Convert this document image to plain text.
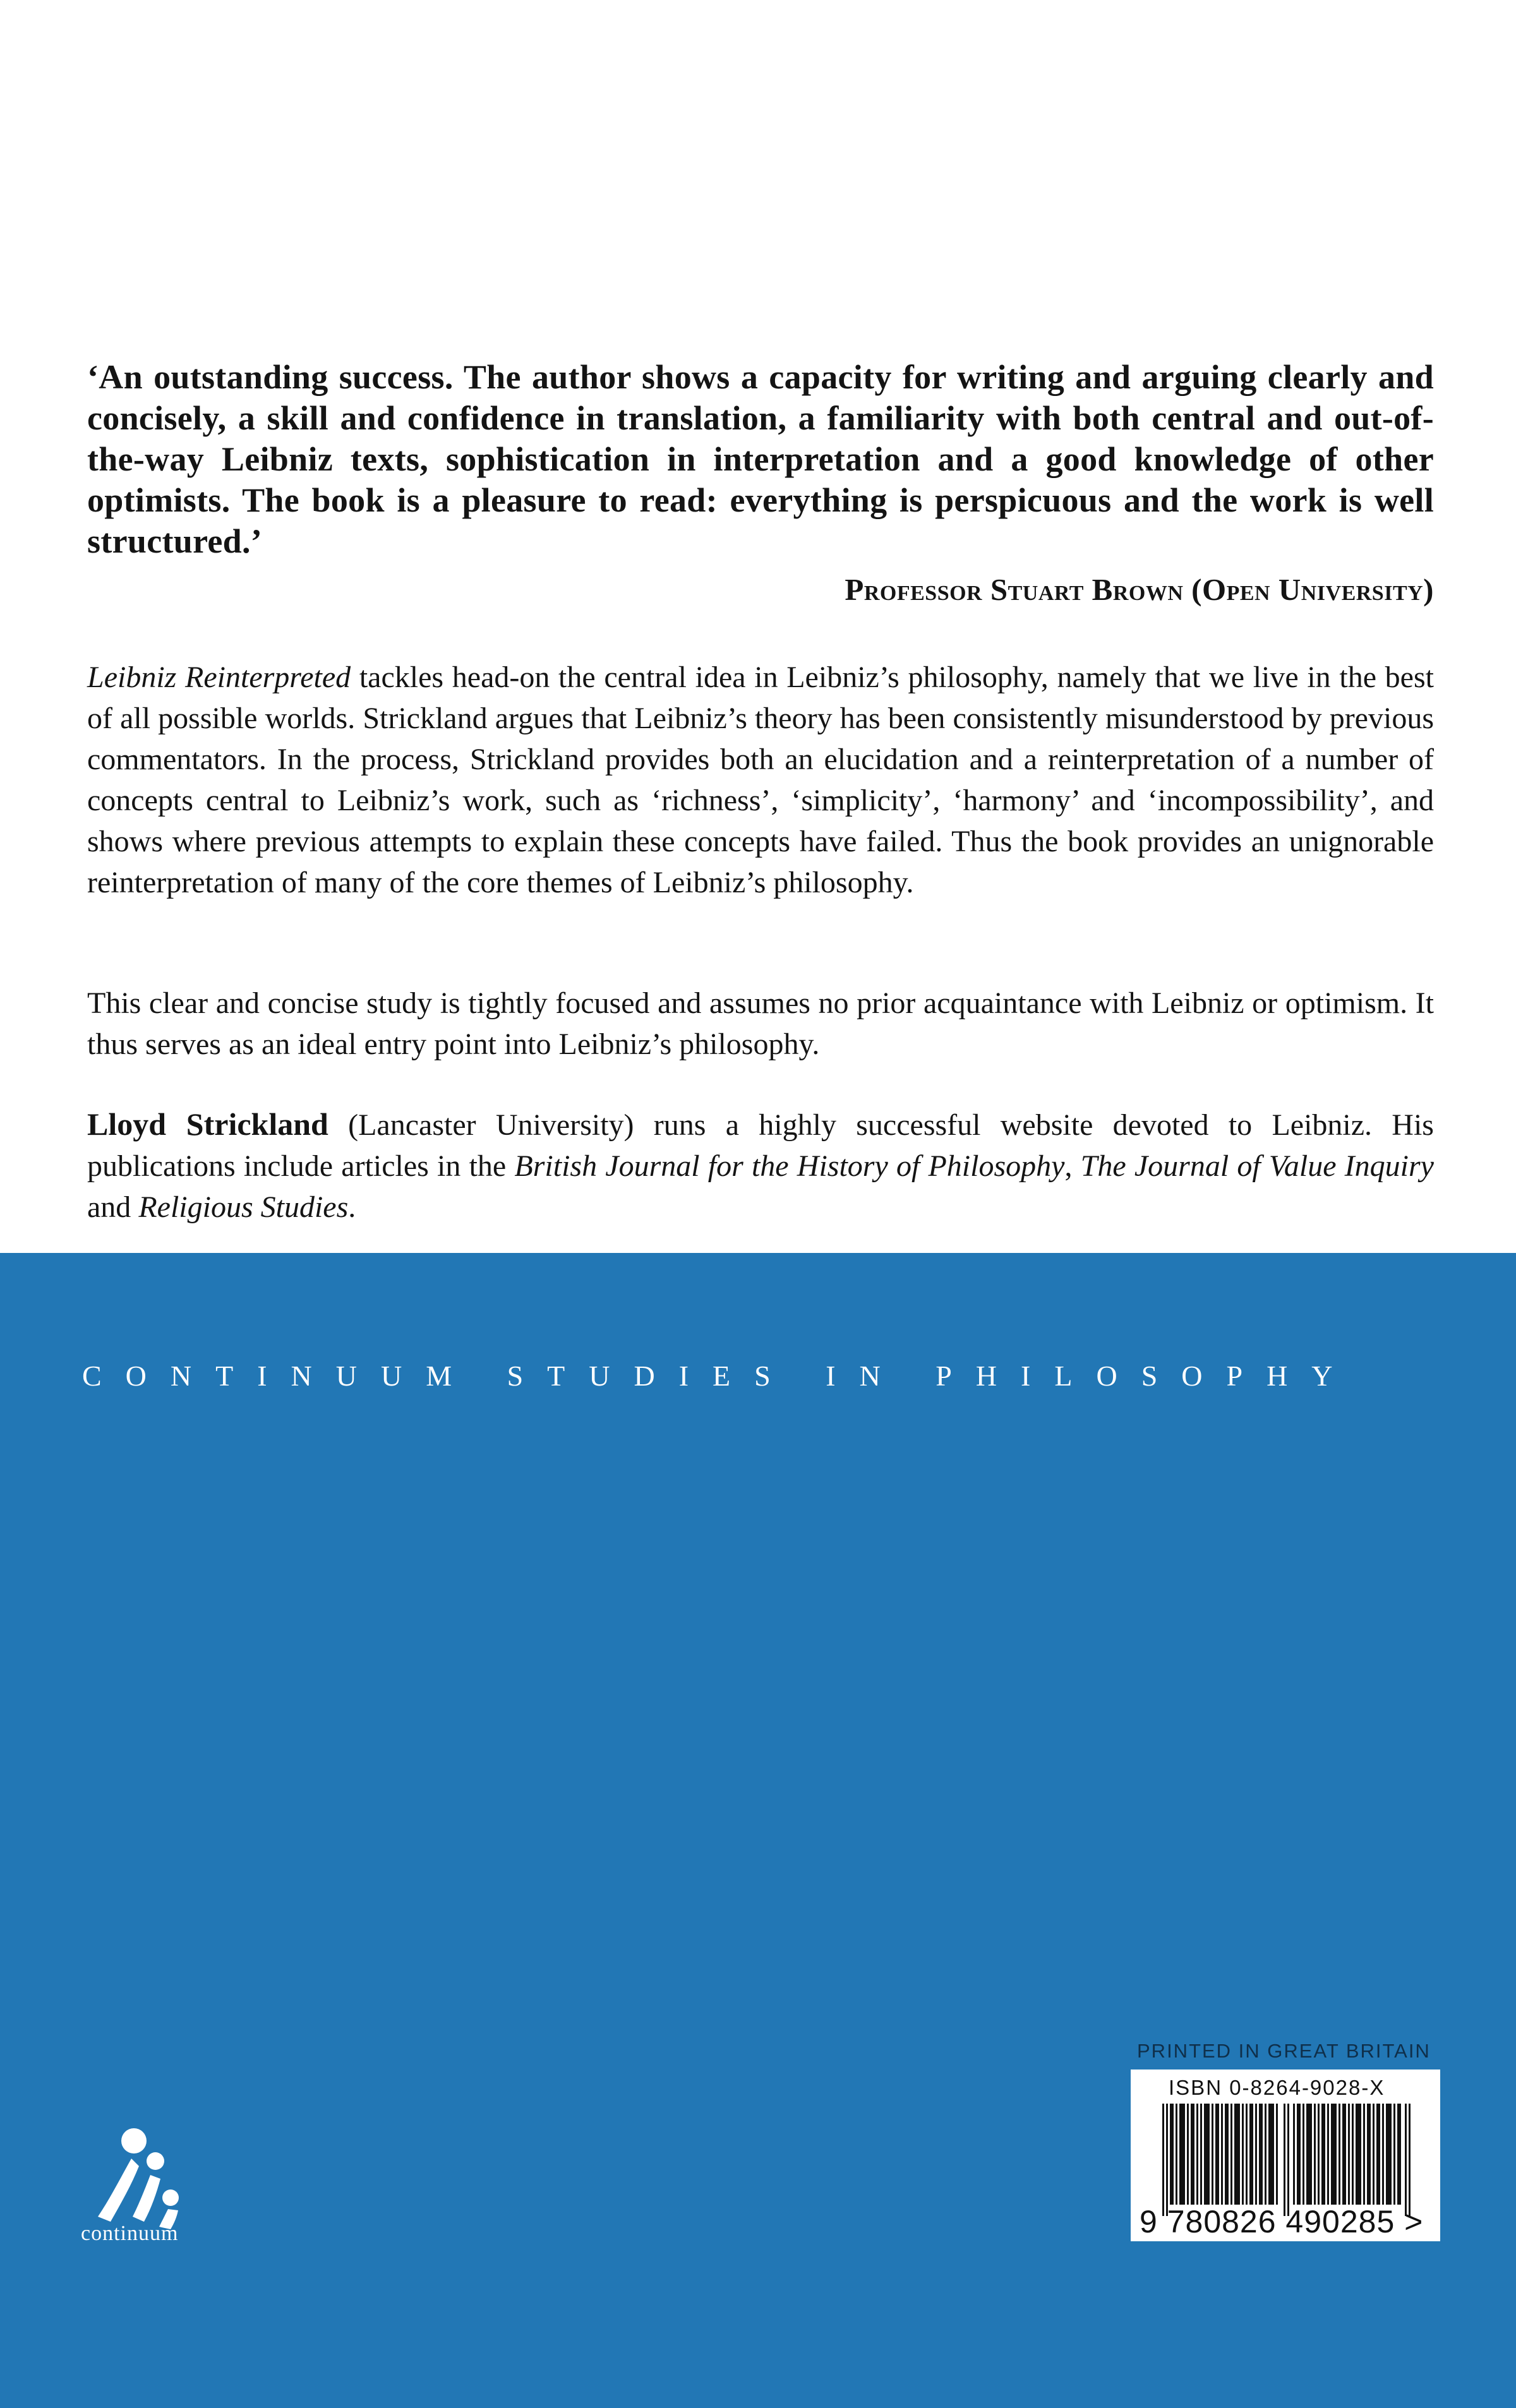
‘An outstanding success. The author shows a capacity for writing and arguing clearly and concisely, a skill and confidence in translation, a familiarity with both central and out-of-the-way Leibniz texts, sophistication in interpretation and a good knowledge of other optimists. The book is a pleasure to read: everything is perspicuous and the work is well structured.’

Professor Stuart Brown (Open University)

Leibniz Reinterpreted tackles head-on the central idea in Leibniz’s philosophy, namely that we live in the best of all possible worlds. Strickland argues that Leibniz’s theory has been consistently misunderstood by previous commentators. In the process, Strickland provides both an elucidation and a reinterpretation of a number of concepts central to Leibniz’s work, such as ‘richness’, ‘simplicity’, ‘harmony’ and ‘incompossibility’, and shows where previous attempts to explain these concepts have failed. Thus the book provides an unignorable reinterpretation of many of the core themes of Leibniz’s philosophy.

This clear and concise study is tightly focused and assumes no prior acquaintance with Leibniz or optimism. It thus serves as an ideal entry point into Leibniz’s philosophy.

Lloyd Strickland (Lancaster University) runs a highly successful website devoted to Leibniz. His publications include articles in the British Journal for the History of Philosophy, The Journal of Value Inquiry and Religious Studies.

CONTINUUM STUDIES IN PHILOSOPHY

continuum
PRINTED IN GREAT BRITAIN
ISBN 0-8264-9028-X
9 780826 490285 >
